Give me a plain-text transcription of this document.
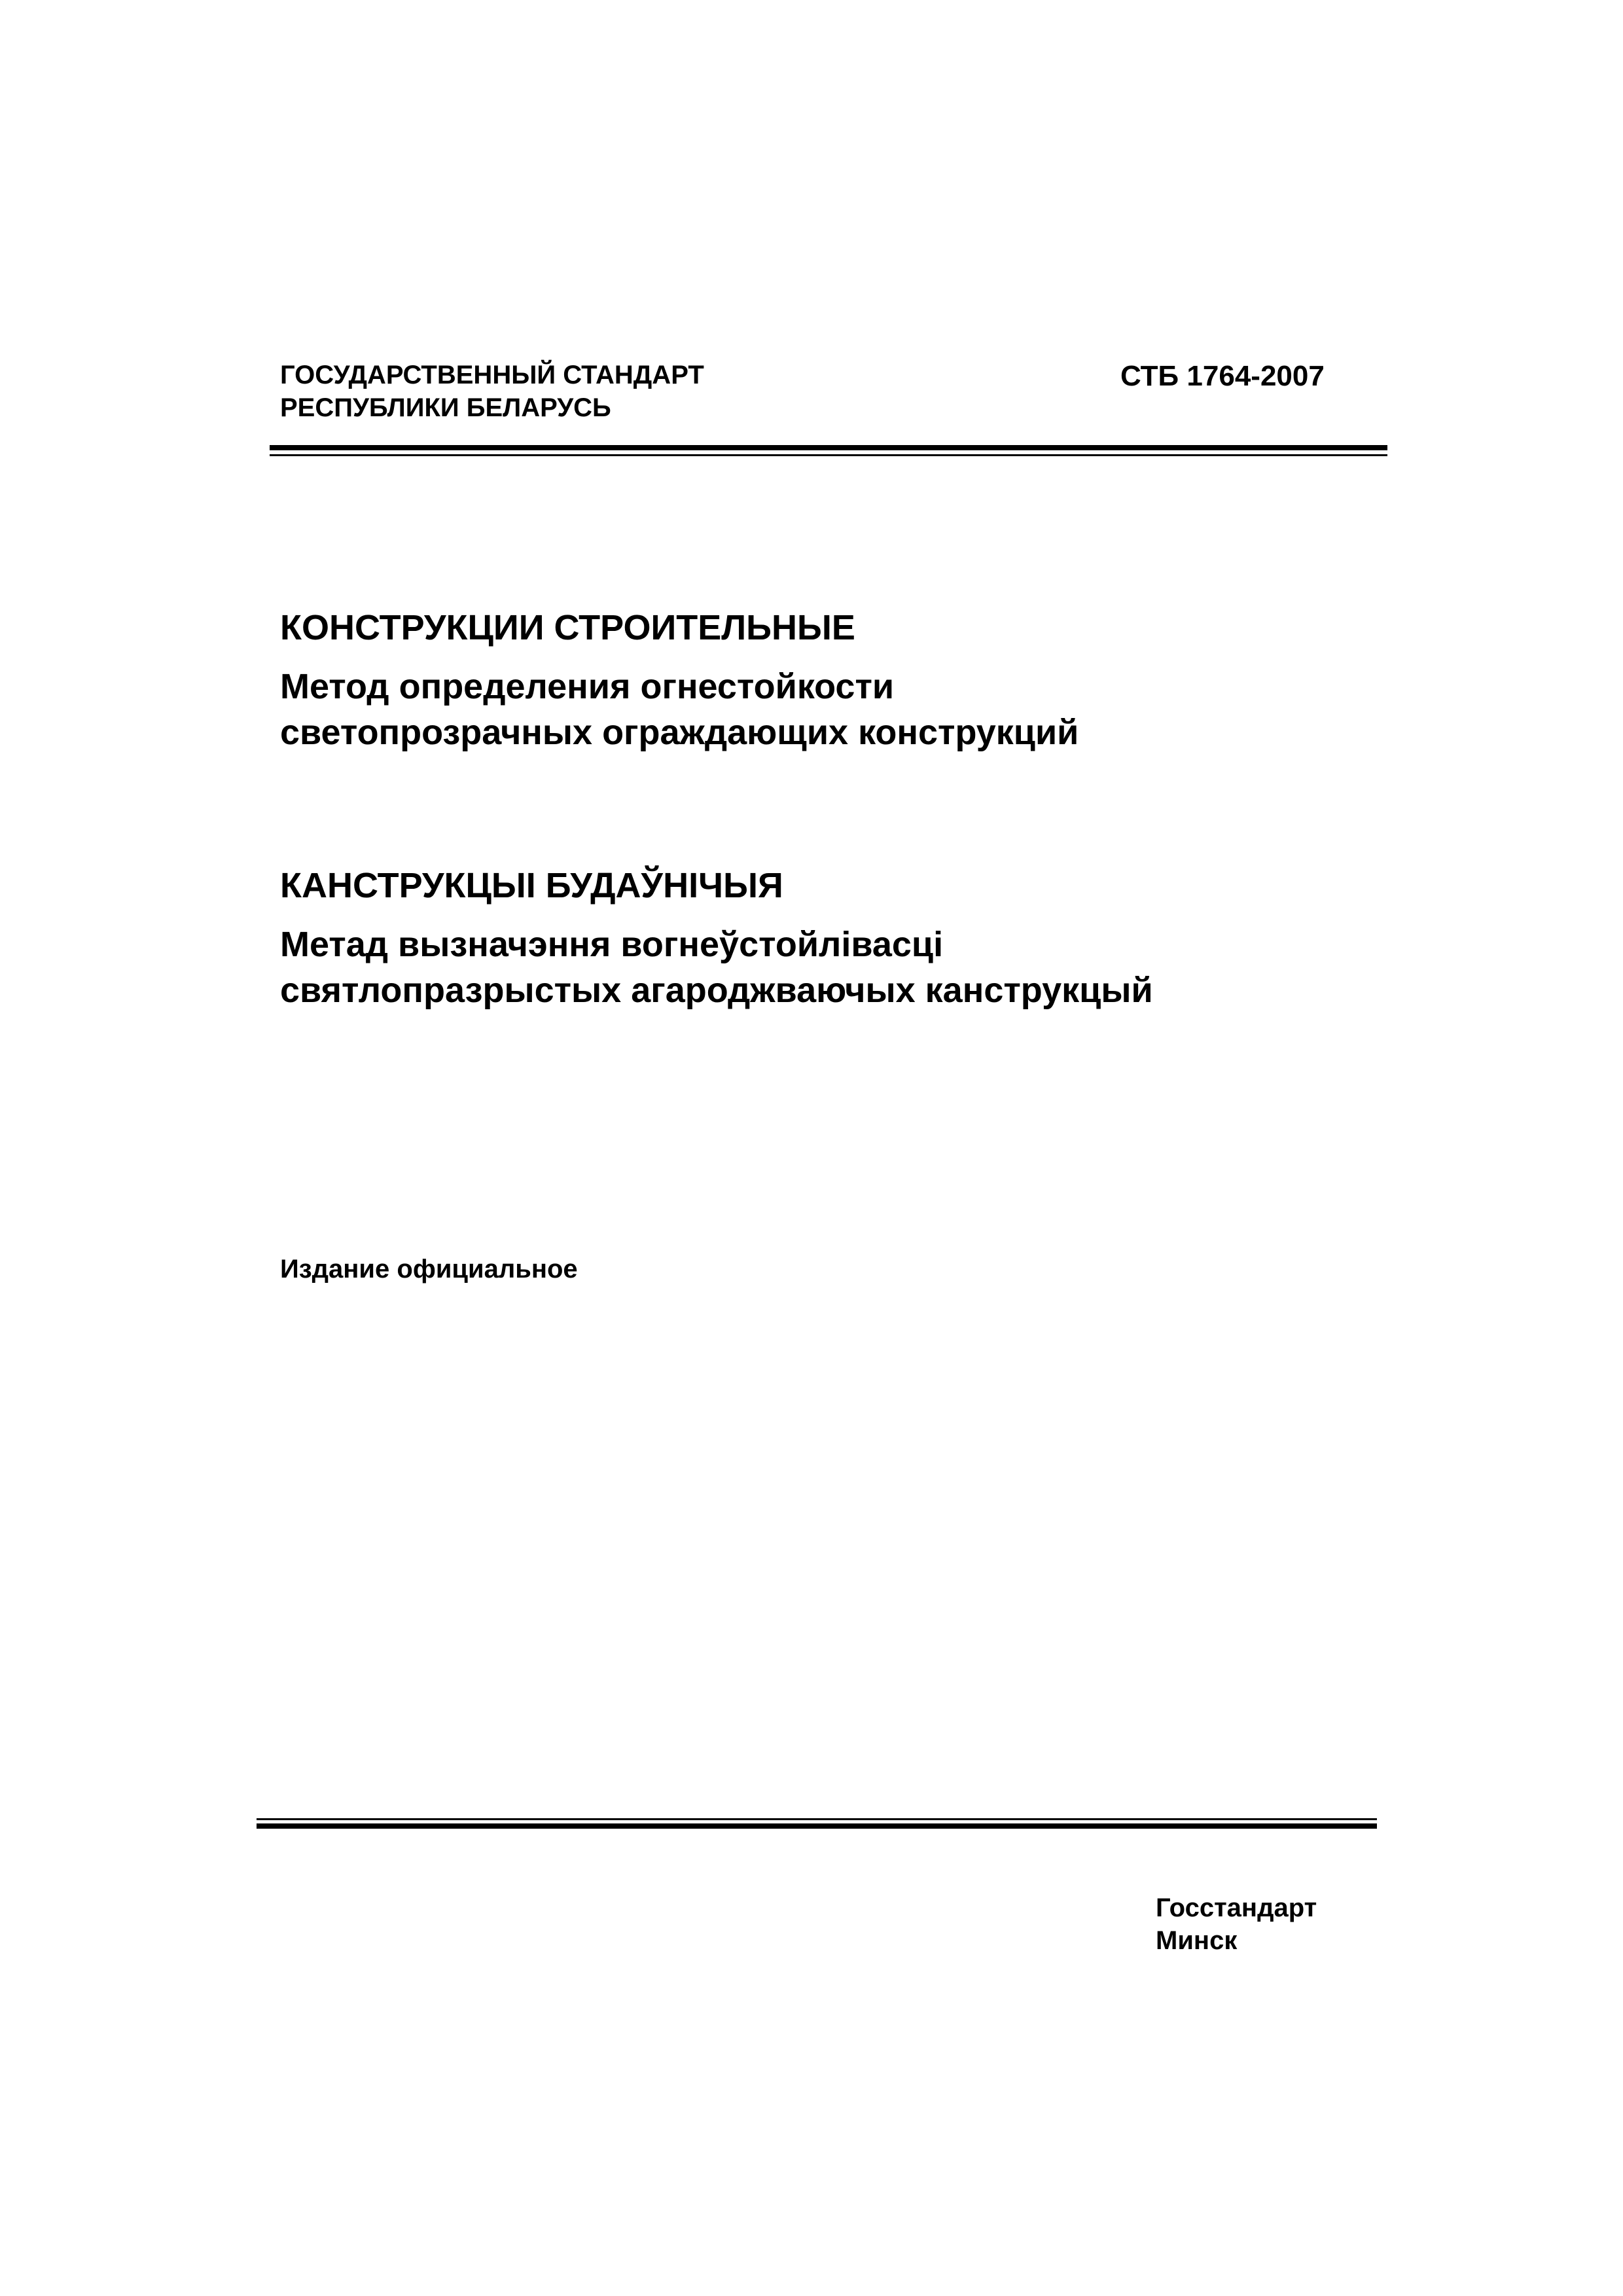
ГОСУДАРСТВЕННЫЙ СТАНДАРТ
РЕСПУБЛИКИ БЕЛАРУСЬ
СТБ 1764-2007

КОНСТРУКЦИИ СТРОИТЕЛЬНЫЕ

Метод определения огнестойкости

светопрозрачных ограждающих конструкций

КАНСТРУКЦЫІ БУДАЎНІЧЫЯ

Метад вызначэння вогнеўстойлівасці

святлопразрыстых агароджваючых канструкцый

Издание официальное
Госстандарт
Минск
